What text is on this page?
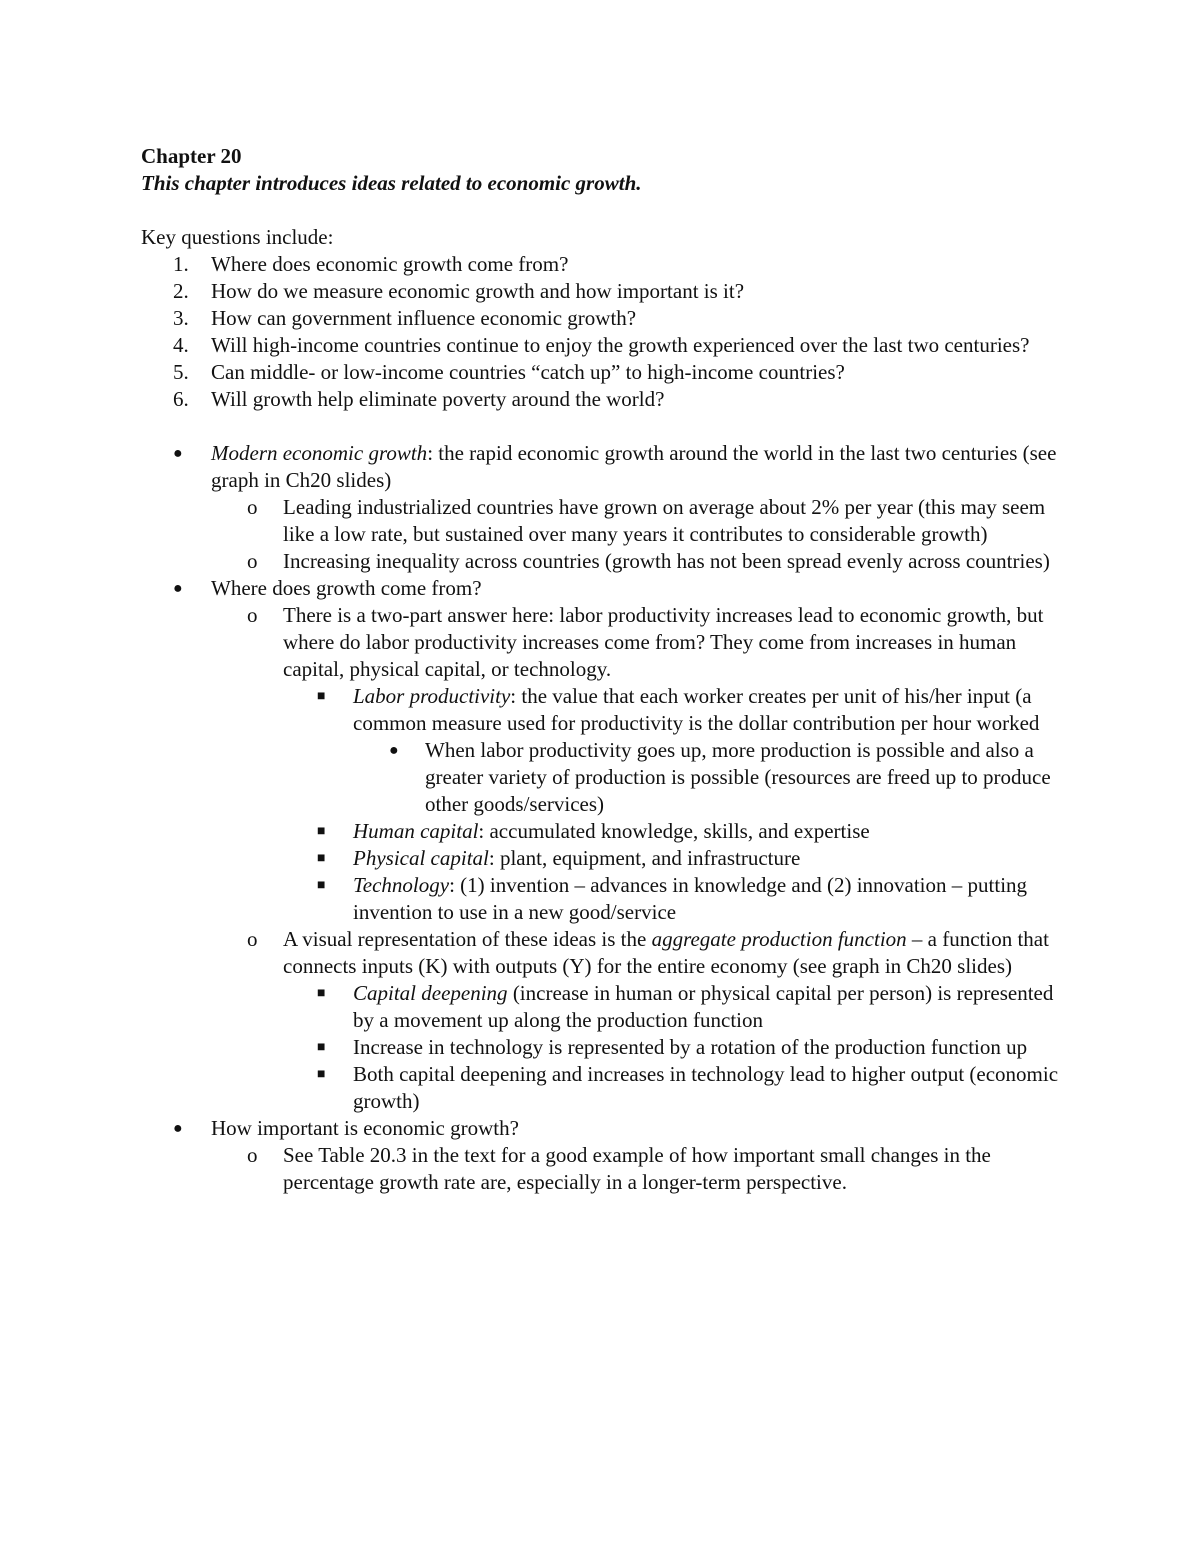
Chapter 20
This chapter introduces ideas related to economic growth.
Key questions include:
1. Where does economic growth come from?
2. How do we measure economic growth and how important is it?
3. How can government influence economic growth?
4. Will high-income countries continue to enjoy the growth experienced over the last two centuries?
5. Can middle- or low-income countries “catch up” to high-income countries?
6. Will growth help eliminate poverty around the world?
● Modern economic growth: the rapid economic growth around the world in the last two centuries (see graph in Ch20 slides)
o Leading industrialized countries have grown on average about 2% per year (this may seem like a low rate, but sustained over many years it contributes to considerable growth)
o Increasing inequality across countries (growth has not been spread evenly across countries)
● Where does growth come from?
o There is a two-part answer here: labor productivity increases lead to economic growth, but where do labor productivity increases come from? They come from increases in human capital, physical capital, or technology.
■ Labor productivity: the value that each worker creates per unit of his/her input (a common measure used for productivity is the dollar contribution per hour worked
● When labor productivity goes up, more production is possible and also a greater variety of production is possible (resources are freed up to produce other goods/services)
■ Human capital: accumulated knowledge, skills, and expertise
■ Physical capital: plant, equipment, and infrastructure
■ Technology: (1) invention – advances in knowledge and (2) innovation – putting invention to use in a new good/service
o A visual representation of these ideas is the aggregate production function – a function that connects inputs (K) with outputs (Y) for the entire economy (see graph in Ch20 slides)
■ Capital deepening (increase in human or physical capital per person) is represented by a movement up along the production function
■ Increase in technology is represented by a rotation of the production function up
■ Both capital deepening and increases in technology lead to higher output (economic growth)
● How important is economic growth?
o See Table 20.3 in the text for a good example of how important small changes in the percentage growth rate are, especially in a longer-term perspective.
